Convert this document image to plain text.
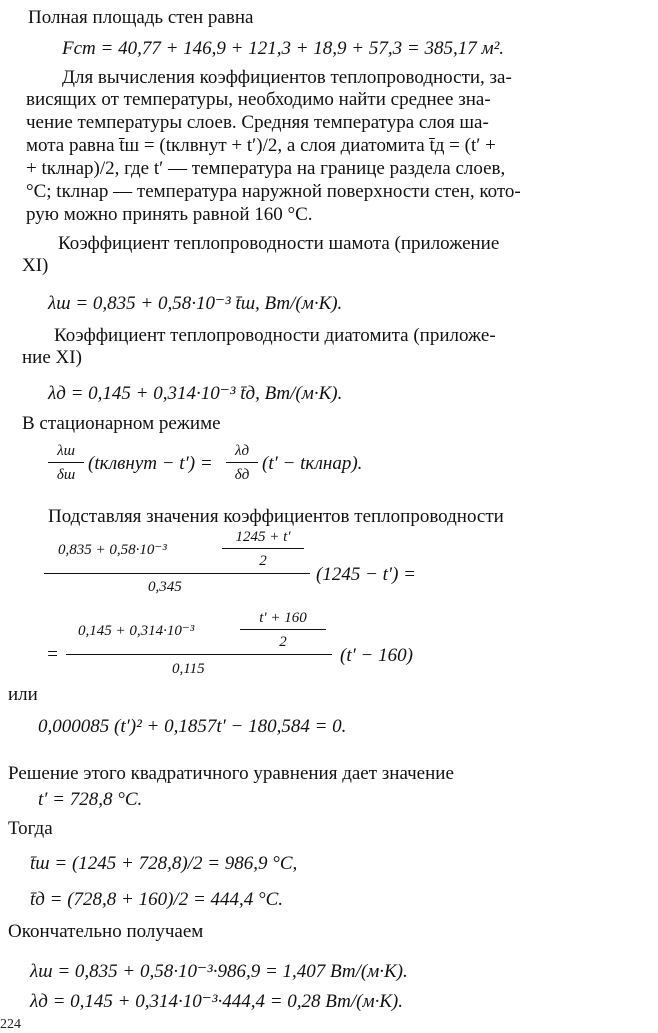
Полная площадь стен равна
Fст = 40,77 + 146,9 + 121,3 + 18,9 + 57,3 = 385,17 м².
Для вычисления коэффициентов теплопроводности, за-
висящих от температуры, необходимо найти среднее зна-
чение температуры слоев. Средняя температура слоя ша-
мота равна t̄ш = (tклвнут + t′)/2, а слоя диатомита t̄д = (t′ +
+ tклнар)/2, где t′ — температура на границе раздела слоев,
°С; tклнар — температура наружной поверхности стен, кото-
рую можно принять равной 160 °С.
Коэффициент теплопроводности шамота (приложение
XI)
λш = 0,835 + 0,58·10⁻³ t̄ш, Вт/(м·К).
Коэффициент теплопроводности диатомита (приложе-
ние XI)
λд = 0,145 + 0,314·10⁻³ t̄д, Вт/(м·К).
В стационарном режиме
λш
δш
(tклвнут − t′) =
λд
δд
(t′ − tклнар).
Подставляя значения коэффициентов теплопроводности
1245 + t′
2
0,835 + 0,58·10⁻³
0,345
(1245 − t′) =
t′ + 160
2
=
0,145 + 0,314·10⁻³
0,115
(t′ − 160)
или
0,000085 (t′)² + 0,1857t′ − 180,584 = 0.
Решение этого квадратичного уравнения дает значение
t′ = 728,8 °С.
Тогда
t̄ш = (1245 + 728,8)/2 = 986,9 °С,
t̄д = (728,8 + 160)/2 = 444,4 °С.
Окончательно получаем
λш = 0,835 + 0,58·10⁻³·986,9 = 1,407 Вт/(м·К).
λд = 0,145 + 0,314·10⁻³·444,4 = 0,28 Вт/(м·К).
224
